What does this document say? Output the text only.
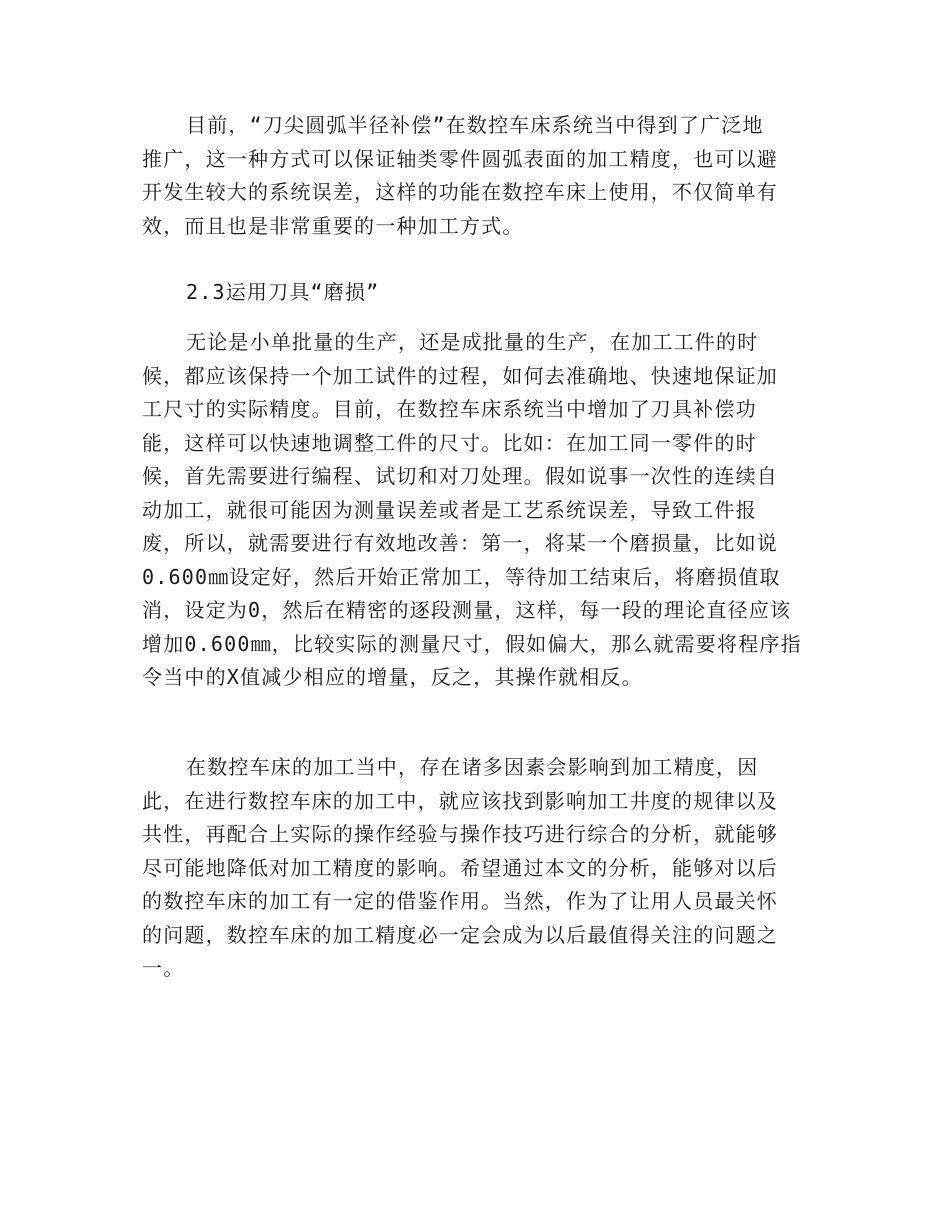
目前，“刀尖圆弧半径补偿”在数控车床系统当中得到了广泛地
推广，这一种方式可以保证轴类零件圆弧表面的加工精度，也可以避
开发生较大的系统误差，这样的功能在数控车床上使用，不仅简单有
效，而且也是非常重要的一种加工方式。
2.3运用刀具“磨损”
无论是小单批量的生产，还是成批量的生产，在加工工件的时
候，都应该保持一个加工试件的过程，如何去准确地、快速地保证加
工尺寸的实际精度。目前，在数控车床系统当中增加了刀具补偿功
能，这样可以快速地调整工件的尺寸。比如：在加工同一零件的时
候，首先需要进行编程、试切和对刀处理。假如说事一次性的连续自
动加工，就很可能因为测量误差或者是工艺系统误差，导致工件报
废，所以，就需要进行有效地改善：第一，将某一个磨损量，比如说
0.600㎜设定好，然后开始正常加工，等待加工结束后，将磨损值取
消，设定为0，然后在精密的逐段测量，这样，每一段的理论直径应该
增加0.600㎜，比较实际的测量尺寸，假如偏大，那么就需要将程序指
令当中的X值减少相应的增量，反之，其操作就相反。
在数控车床的加工当中，存在诸多因素会影响到加工精度，因
此，在进行数控车床的加工中，就应该找到影响加工井度的规律以及
共性，再配合上实际的操作经验与操作技巧进行综合的分析，就能够
尽可能地降低对加工精度的影响。希望通过本文的分析，能够对以后
的数控车床的加工有一定的借鉴作用。当然，作为了让用人员最关怀
的问题，数控车床的加工精度必一定会成为以后最值得关注的问题之
一。
